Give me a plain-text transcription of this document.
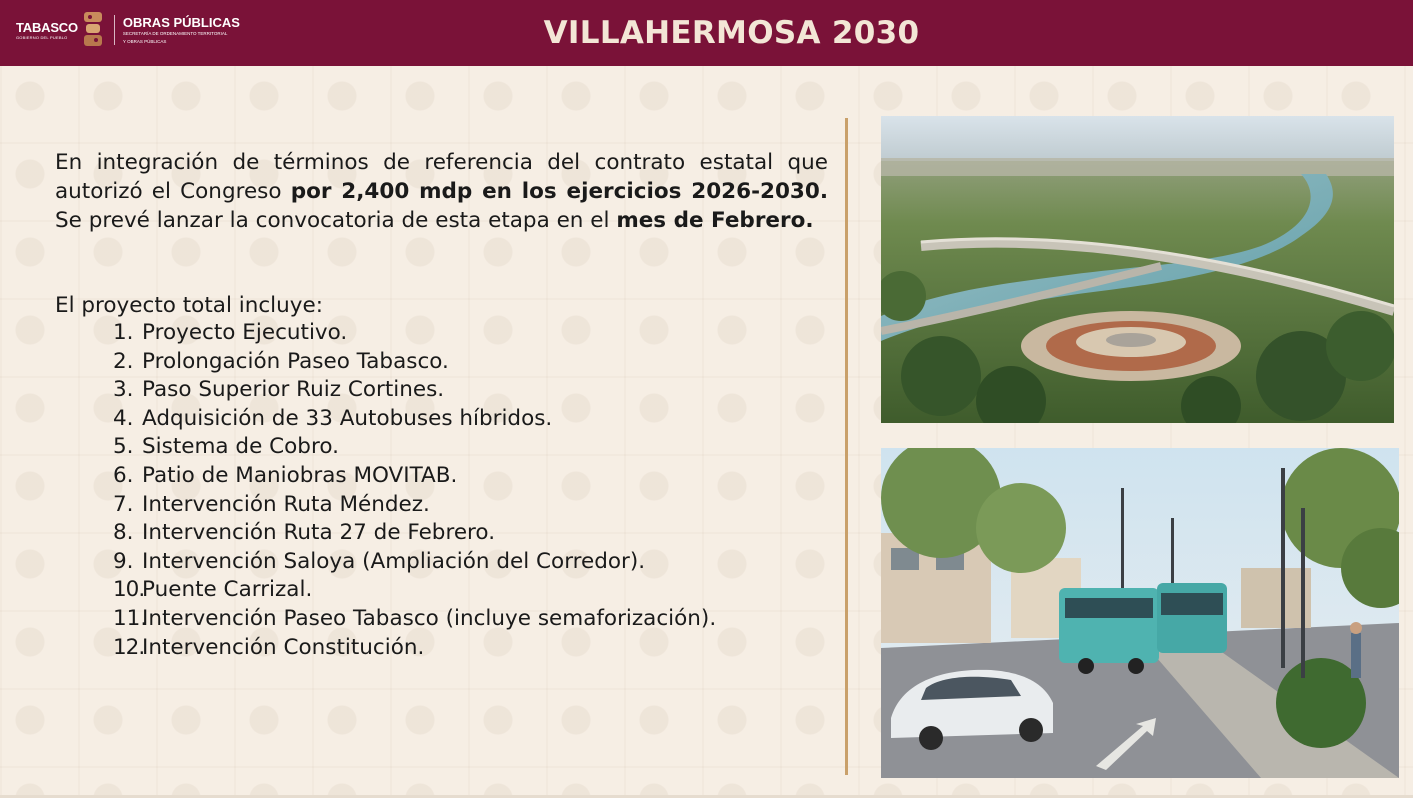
TABASCO
GOBIERNO DEL PUEBLO
OBRAS PÚBLICAS
SECRETARÍA DE ORDENAMIENTO TERRITORIAL
Y OBRAS PÚBLICAS	VILLAHERMOSA 2030
En integración de términos de referencia del contrato estatal que autorizó el Congreso por 2,400 mdp en los ejercicios 2026-2030. Se prevé lanzar la convocatoria de esta etapa en el mes de Febrero.
El proyecto total incluye:
1. Proyecto Ejecutivo.
2. Prolongación Paseo Tabasco.
3. Paso Superior Ruiz Cortines.
4. Adquisición de 33 Autobuses híbridos.
5. Sistema de Cobro.
6. Patio de Maniobras MOVITAB.
7. Intervención Ruta Méndez.
8. Intervención Ruta 27 de Febrero.
9. Intervención Saloya (Ampliación del Corredor).
10.
Puente Carrizal.
11.
Intervención Paseo Tabasco (incluye semaforización).
12.
Intervención Constitución.
